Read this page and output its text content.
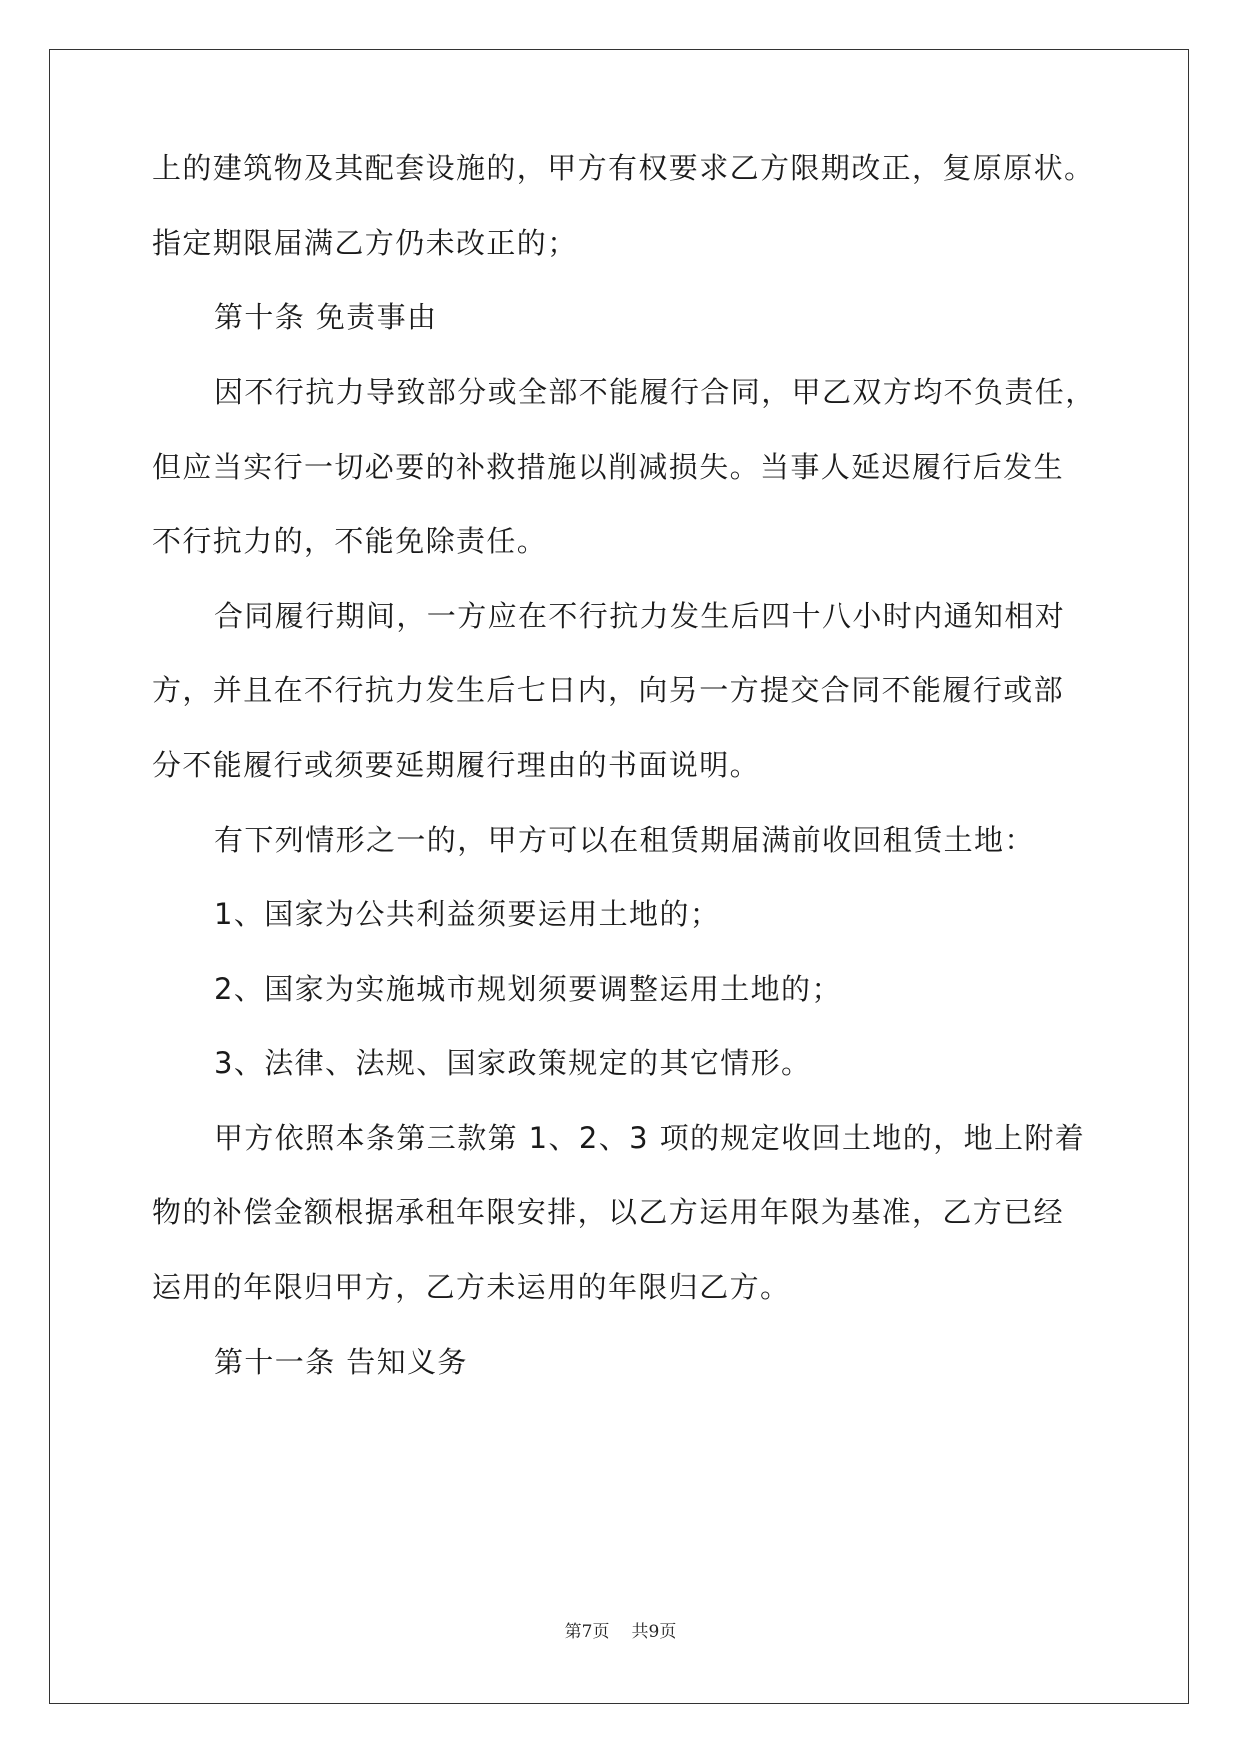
上的建筑物及其配套设施的，甲方有权要求乙方限期改正，复原原状。
指定期限届满乙方仍未改正的；
第十条 免责事由
因不行抗力导致部分或全部不能履行合同，甲乙双方均不负责任，
但应当实行一切必要的补救措施以削减损失。当事人延迟履行后发生
不行抗力的，不能免除责任。
合同履行期间，一方应在不行抗力发生后四十八小时内通知相对
方，并且在不行抗力发生后七日内，向另一方提交合同不能履行或部
分不能履行或须要延期履行理由的书面说明。
有下列情形之一的，甲方可以在租赁期届满前收回租赁土地：
1、国家为公共利益须要运用土地的；
2、国家为实施城市规划须要调整运用土地的；
3、法律、法规、国家政策规定的其它情形。
甲方依照本条第三款第 1、2、3 项的规定收回土地的，地上附着
物的补偿金额根据承租年限安排，以乙方运用年限为基准，乙方已经
运用的年限归甲方，乙方未运用的年限归乙方。
第十一条 告知义务
第7页 共9页
